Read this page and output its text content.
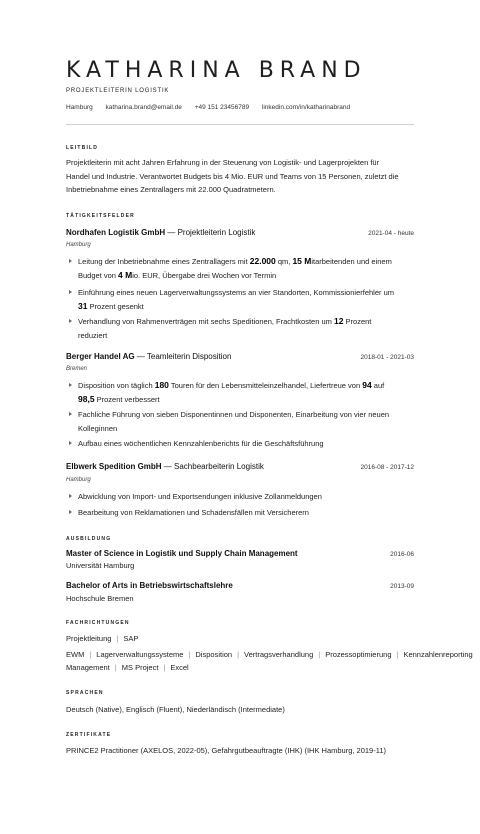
KATHARINA BRAND
PROJEKTLEITERIN LOGISTIK
Hamburg katharina.brand@email.de +49 151 23456789 linkedin.com/in/katharinabrand
LEITBILD
Projektleiterin mit acht Jahren Erfahrung in der Steuerung von Logistik- und Lagerprojekten für
Handel und Industrie. Verantwortet Budgets bis 4 Mio. EUR und Teams von 15 Personen, zuletzt die
Inbetriebnahme eines Zentrallagers mit 22.000 Quadratmetern.
TÄTIGKEITSFELDER
Nordhafen Logistik GmbH — Projektleiterin Logistik	2021-04 - heute
Hamburg
Leitung der Inbetriebnahme eines Zentrallagers mit 22.000 qm, 15 Mitarbeitenden und einem
Budget von 4 Mio. EUR, Übergabe drei Wochen vor Termin
Einführung eines neuen Lagerverwaltungssystems an vier Standorten, Kommissionierfehler um
31 Prozent gesenkt
Verhandlung von Rahmenverträgen mit sechs Speditionen, Frachtkosten um 12 Prozent
reduziert
Berger Handel AG — Teamleiterin Disposition	2018-01 - 2021-03
Bremen
Disposition von täglich 180 Touren für den Lebensmitteleinzelhandel, Liefertreue von 94 auf
98,5 Prozent verbessert
Fachliche Führung von sieben Disponentinnen und Disponenten, Einarbeitung von vier neuen
Kolleginnen
Aufbau eines wöchentlichen Kennzahlenberichts für die Geschäftsführung
Elbwerk Spedition GmbH — Sachbearbeiterin Logistik	2016-08 - 2017-12
Hamburg
Abwicklung von Import- und Exportsendungen inklusive Zollanmeldungen
Bearbeitung von Reklamationen und Schadensfällen mit Versicherern
AUSBILDUNG
Master of Science in Logistik und Supply Chain Management	2016-06
Universität Hamburg
Bachelor of Arts in Betriebswirtschaftslehre	2013-09
Hochschule Bremen
FACHRICHTUNGEN
Projektleitung | SAP
EWM | Lagerverwaltungssysteme | Disposition | Vertragsverhandlung | Prozessoptimierung | Kennzahlenreporting
Management | MS Project | Excel
SPRACHEN
Deutsch (Native), Englisch (Fluent), Niederländisch (Intermediate)
ZERTIFIKATE
PRINCE2 Practitioner (AXELOS, 2022-05), Gefahrgutbeauftragte (IHK) (IHK Hamburg, 2019-11)
